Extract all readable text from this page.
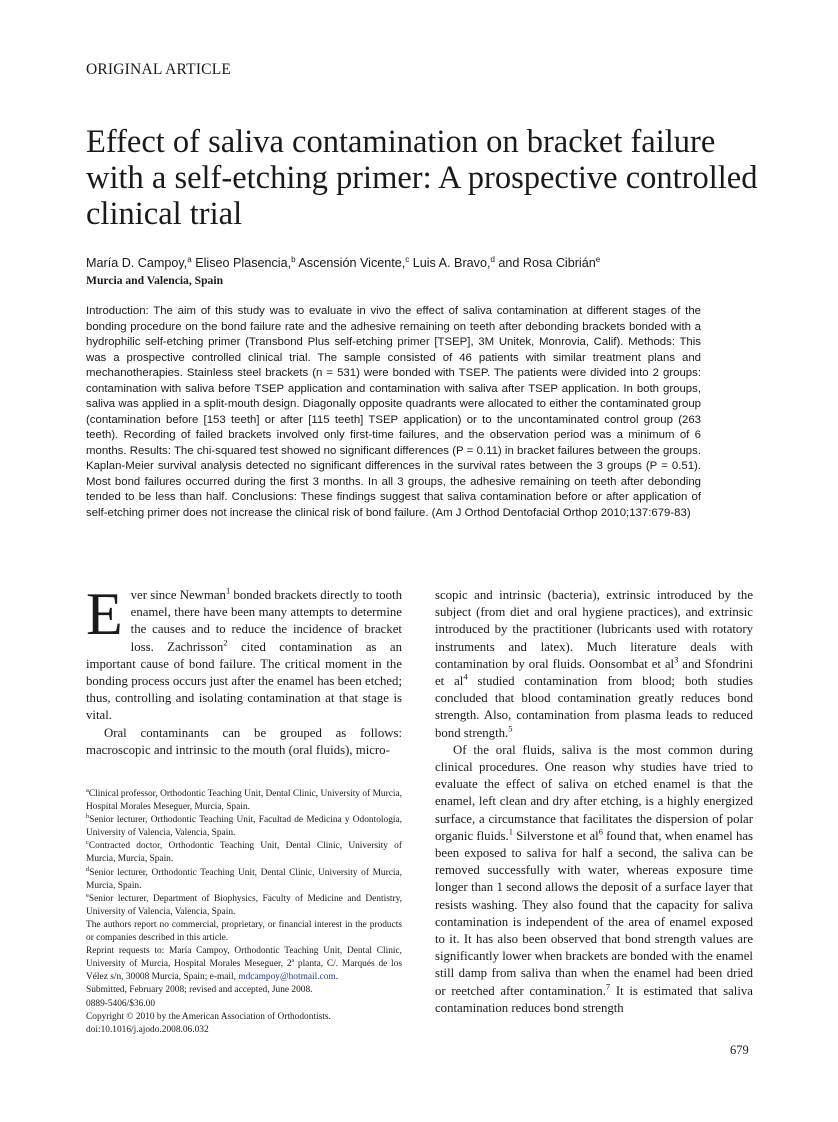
ORIGINAL ARTICLE
Effect of saliva contamination on bracket failure with a self-etching primer: A prospective controlled clinical trial
María D. Campoy,$^a$ Eliseo Plasencia,$^b$ Ascensión Vicente,$^c$ Luis A. Bravo,$^d$ and Rosa Cibrián$^e$
Murcia and Valencia, Spain

Introduction: The aim of this study was to evaluate in vivo the effect of saliva contamination at different stages of the bonding procedure on the bond failure rate and the adhesive remaining on teeth after debonding brackets bonded with a hydrophilic self-etching primer (Transbond Plus self-etching primer [TSEP], 3M Unitek, Monrovia, Calif). Methods: This was a prospective controlled clinical trial. The sample consisted of 46 patients with similar treatment plans and mechanotherapies. Stainless steel brackets (n = 531) were bonded with TSEP. The patients were divided into 2 groups: contamination with saliva before TSEP application and contamination with saliva after TSEP application. In both groups, saliva was applied in a split-mouth design. Diagonally opposite quadrants were allocated to either the contaminated group (contamination before [153 teeth] or after [115 teeth] TSEP application) or to the uncontaminated control group (263 teeth). Recording of failed brackets involved only first-time failures, and the observation period was a minimum of 6 months. Results: The chi-squared test showed no significant differences (P = 0.11) in bracket failures between the groups. Kaplan-Meier survival analysis detected no significant differences in the survival rates between the 3 groups (P = 0.51). Most bond failures occurred during the first 3 months. In all 3 groups, the adhesive remaining on teeth after debonding tended to be less than half. Conclusions: These findings suggest that saliva contamination before or after application of self-etching primer does not increase the clinical risk of bond failure. (Am J Orthod Dentofacial Orthop 2010;137:679-83)

Ever since Newman$^1$ bonded brackets directly to tooth enamel, there have been many attempts to determine the causes and to reduce the incidence of bracket loss. Zachrisson$^2$ cited contamination as an important cause of bond failure. The critical moment in the bonding process occurs just after the enamel has been etched; thus, controlling and isolating contamination at that stage is vital.

Oral contaminants can be grouped as follows: macroscopic and intrinsic to the mouth (oral fluids), micro-

scopic and intrinsic (bacteria), extrinsic introduced by the subject (from diet and oral hygiene practices), and extrinsic introduced by the practitioner (lubricants used with rotatory instruments and latex). Much literature deals with contamination by oral fluids. Oonsombat et $al^3$ and Sfondrini et $al^4$ studied contamination from blood; both studies concluded that blood contamination greatly reduces bond strength. Also, contamination from plasma leads to reduced bond strength.$^5$

Of the oral fluids, saliva is the most common during clinical procedures. One reason why studies have tried to evaluate the effect of saliva on etched enamel is that the enamel, left clean and dry after etching, is a highly energized surface, a circumstance that facilitates the dispersion of polar organic fluids.$^1$ Silverstone et $al^6$ found that, when enamel has been exposed to saliva for half a second, the saliva can be removed successfully with water, whereas exposure time longer than 1 second allows the deposit of a surface layer that resists washing. They also found that the capacity for saliva contamination is independent of the area of enamel exposed to it. It has also been observed that bond strength values are significantly lower when brackets are bonded with the enamel still damp from saliva than when the enamel had been dried or reetched after contamination.$^7$ It is estimated that saliva contamination reduces bond strength

$^a$Clinical professor, Orthodontic Teaching Unit, Dental Clinic, University of Murcia, Hospital Morales Meseguer, Murcia, Spain.

$^b$Senior lecturer, Orthodontic Teaching Unit, Facultad de Medicina y Odontología, University of Valencia, Valencia, Spain.

$^c$Contracted doctor, Orthodontic Teaching Unit, Dental Clinic, University of Murcia, Murcia, Spain.

$^d$Senior lecturer, Orthodontic Teaching Unit, Dental Clinic, University of Murcia, Murcia, Spain.

$^e$Senior lecturer, Department of Biophysics, Faculty of Medicine and Dentistry, University of Valencia, Valencia, Spain.

The authors report no commercial, proprietary, or financial interest in the products or companies described in this article.

Reprint requests to: María Campoy, Orthodontic Teaching Unit, Dental Clinic, University of Murcia, Hospital Morales Meseguer, 2ª planta, C/. Marqués de los Vélez s/n, 30008 Murcia, Spain; e-mail, mdcampoy@hotmail.com.

Submitted, February 2008; revised and accepted, June 2008.

0889-5406/$36.00

Copyright © 2010 by the American Association of Orthodontists.

doi:10.1016/j.ajodo.2008.06.032

679
